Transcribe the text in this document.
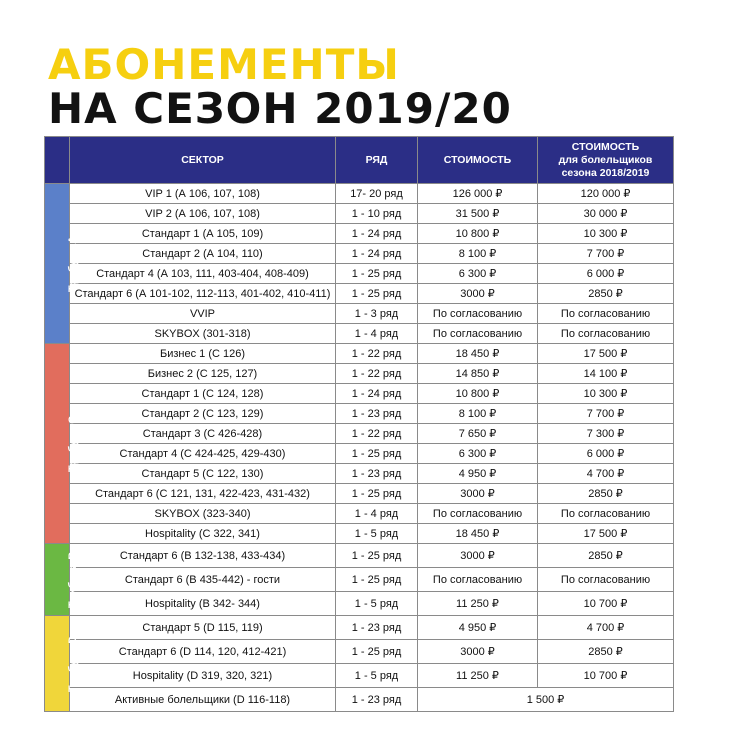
АБОНЕМЕНТЫ
НА СЕЗОН 2019/20
	СЕКТОР	РЯД	СТОИМОСТЬ	СТОИМОСТЬ
для болельщиков
сезона 2018/2019

Трибуна А	VIP 1 (А 106, 107, 108)	17- 20 ряд	126 000 ₽	120 000 ₽
	VIP 2 (А 106, 107, 108)	1 - 10 ряд	31 500 ₽	30 000 ₽
	Стандарт 1 (А 105, 109)	1 - 24 ряд	10 800 ₽	10 300 ₽
	Стандарт 2 (А 104, 110)	1 - 24 ряд	8 100 ₽	7 700 ₽
	Стандарт 4 (А 103, 111, 403-404, 408-409)	1 - 25 ряд	6 300 ₽	6 000 ₽
	Стандарт 6 (А 101-102, 112-113, 401-402, 410-411)	1 - 25 ряд	3000 ₽	2850 ₽
	VVIP	1 - 3 ряд	По согласованию	По согласованию
	SKYBOX (301-318)	1 - 4 ряд	По согласованию	По согласованию
Трибуна С	Бизнес 1 (С 126)	1 - 22 ряд	18 450 ₽	17 500 ₽
	Бизнес 2 (С 125, 127)	1 - 22 ряд	14 850 ₽	14 100 ₽
	Стандарт 1 (С 124, 128)	1 - 24 ряд	10 800 ₽	10 300 ₽
	Стандарт 2 (С 123, 129)	1 - 23 ряд	8 100 ₽	7 700 ₽
	Стандарт 3 (С 426-428)	1 - 22 ряд	7 650 ₽	7 300 ₽
	Стандарт 4 (С 424-425, 429-430)	1 - 25 ряд	6 300 ₽	6 000 ₽
	Стандарт 5 (С 122, 130)	1 - 23 ряд	4 950 ₽	4 700 ₽
	Стандарт 6 (С 121, 131, 422-423, 431-432)	1 - 25 ряд	3000 ₽	2850 ₽
	SKYBOX (323-340)	1 - 4 ряд	По согласованию	По согласованию
	Hospitality (С 322, 341)	1 - 5 ряд	18 450 ₽	17 500 ₽
Трибуна В	Стандарт 6 (В 132-138, 433-434)	1 - 25 ряд	3000 ₽	2850 ₽
	Стандарт 6 (В 435-442) - гости	1 - 25 ряд	По согласованию	По согласованию
	Hospitality (В 342- 344)	1 - 5 ряд	11 250 ₽	10 700 ₽
Трибуна D	Стандарт 5 (D 115, 119)	1 - 23 ряд	4 950 ₽	4 700 ₽
	Стандарт 6 (D 114, 120, 412-421)	1 - 25 ряд	3000 ₽	2850 ₽
	Hospitality (D 319, 320, 321)	1 - 5 ряд	11 250 ₽	10 700 ₽
	Активные болельщики (D 116-118)	1 - 23 ряд	1 500 ₽	
